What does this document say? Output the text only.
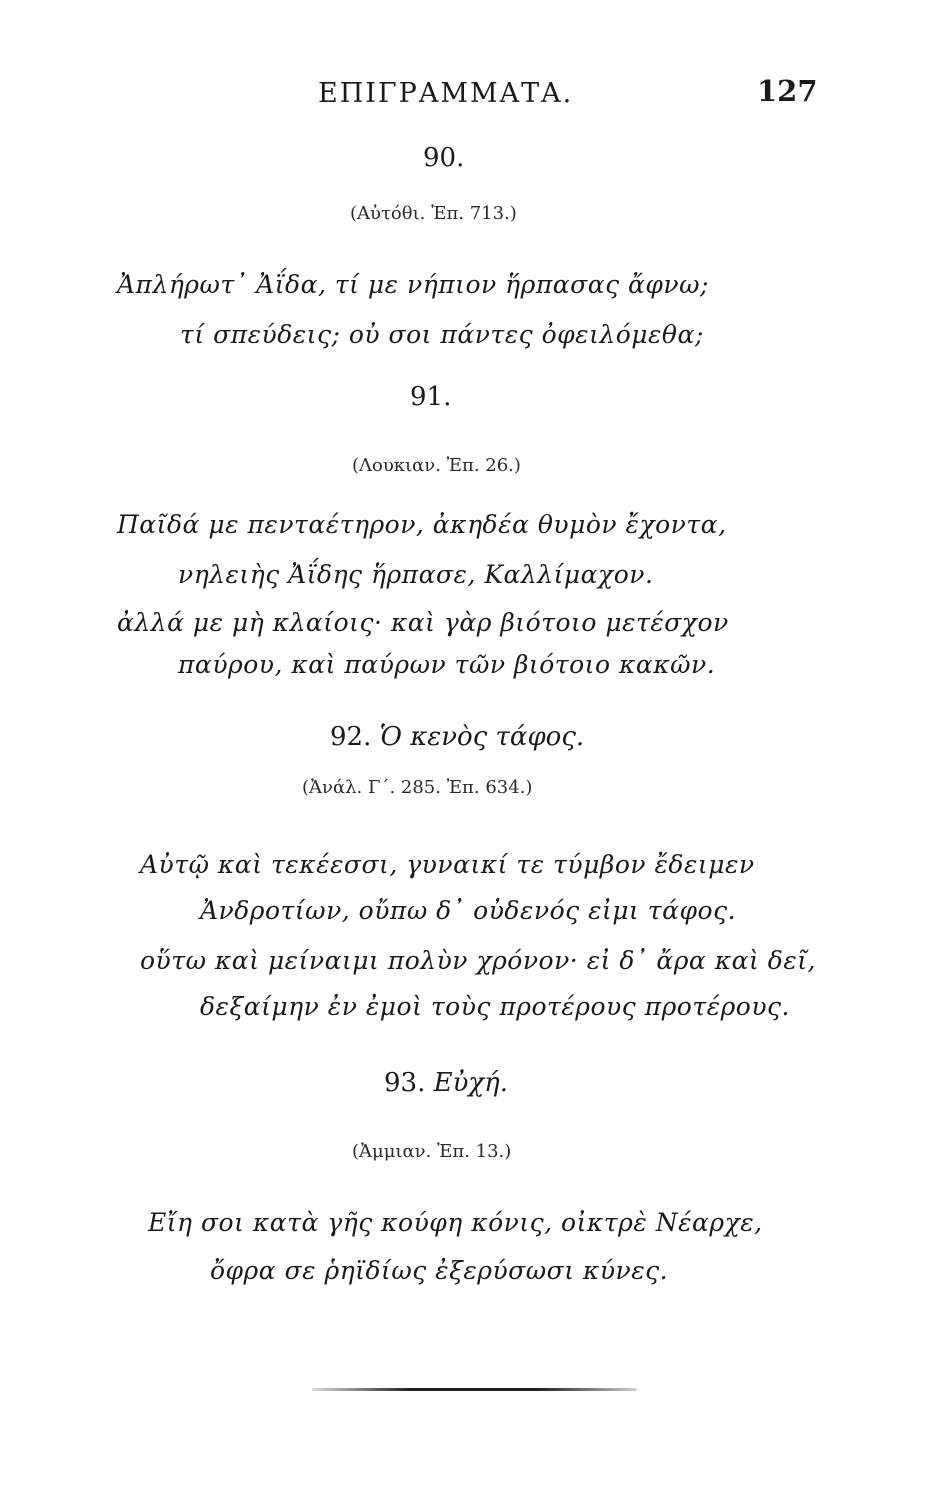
ΕΠΙΓΡΑΜΜΑΤΑ.	127
90.
(Αὐτόθι. Ἐπ. 713.)
Ἀπλήρωτ᾿ Ἀΐδα, τί με νήπιον ἥρπασας ἄφνω;
τί σπεύδεις; οὐ σοι πάντες ὀφειλόμεθα;
91.
(Λουκιαν. Ἐπ. 26.)
Παῖδά με πενταέτηρον, ἀκηδέα θυμὸν ἔχοντα,
νηλειὴς Ἀΐδης ἥρπασε, Καλλίμαχον.
ἀλλά με μὴ κλαίοις· καὶ γὰρ βιότοιο μετέσχον
παύρου, καὶ παύρων τῶν βιότοιο κακῶν.
92. Ὁ κενὸς τάφος.
(Ἀνάλ. Γ΄. 285. Ἐπ. 634.)
Αὐτῷ καὶ τεκέεσσι, γυναικί τε τύμβον ἔδειμεν
Ἀνδροτίων, οὔπω δ᾿ οὐδενός εἰμι τάφος.
οὕτω καὶ μείναιμι πολὺν χρόνον· εἰ δ᾿ ἄρα καὶ δεῖ,
δεξαίμην ἐν ἐμοὶ τοὺς προτέρους προτέρους.
93. Εὐχή.
(Ἀμμιαν. Ἐπ. 13.)
Εἴη σοι κατὰ γῆς κούφη κόνις, οἰκτρὲ Νέαρχε,
ὄφρα σε ῥηϊδίως ἐξερύσωσι κύνες.
